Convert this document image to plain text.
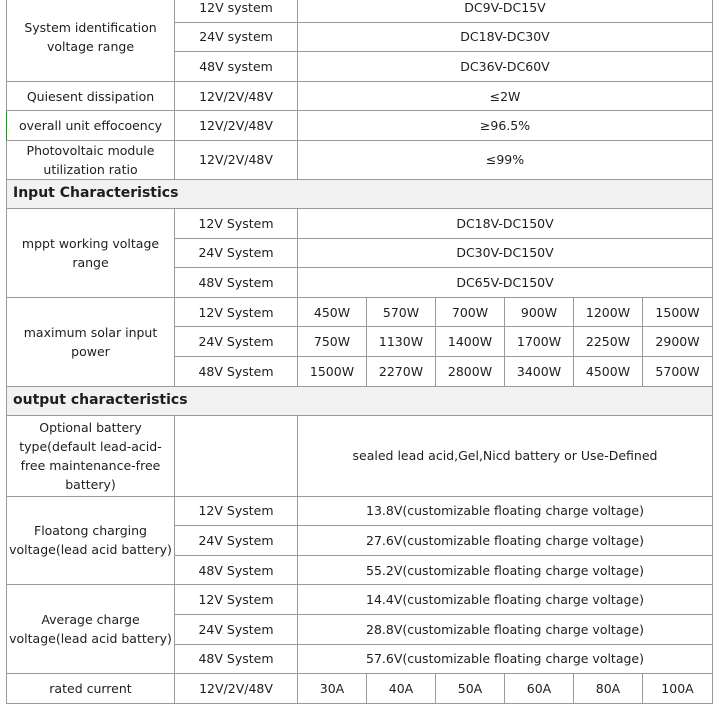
System identification voltage range	12V system	DC9V-DC15V					
	24V system	DC18V-DC30V					
	48V system	DC36V-DC60V					
Quiesent dissipation	12V/2V/48V	≤2W					
overall unit effocoency	12V/2V/48V	≥96.5%					
Photovoltaic module utilization ratio	12V/2V/48V	≤99%					
Input Characteristics							
mppt working voltage range	12V System	DC18V-DC150V					
	24V System	DC30V-DC150V					
	48V System	DC65V-DC150V					
maximum solar input power	12V System	450W	570W	700W	900W	1200W	1500W
	24V System	750W	1130W	1400W	1700W	2250W	2900W
	48V System	1500W	2270W	2800W	3400W	4500W	5700W
output characteristics							
Optional battery type(default lead-acid-free maintenance-free battery)		sealed lead acid,Gel,Nicd battery or Use-Defined					
Floatong charging voltage(lead acid battery)	12V System	13.8V(customizable floating charge voltage)					
	24V System	27.6V(customizable floating charge voltage)					
	48V System	55.2V(customizable floating charge voltage)					
Average charge voltage(lead acid battery)	12V System	14.4V(customizable floating charge voltage)					
	24V System	28.8V(customizable floating charge voltage)					
	48V System	57.6V(customizable floating charge voltage)					
rated current	12V/2V/48V	30A	40A	50A	60A	80A	100A
